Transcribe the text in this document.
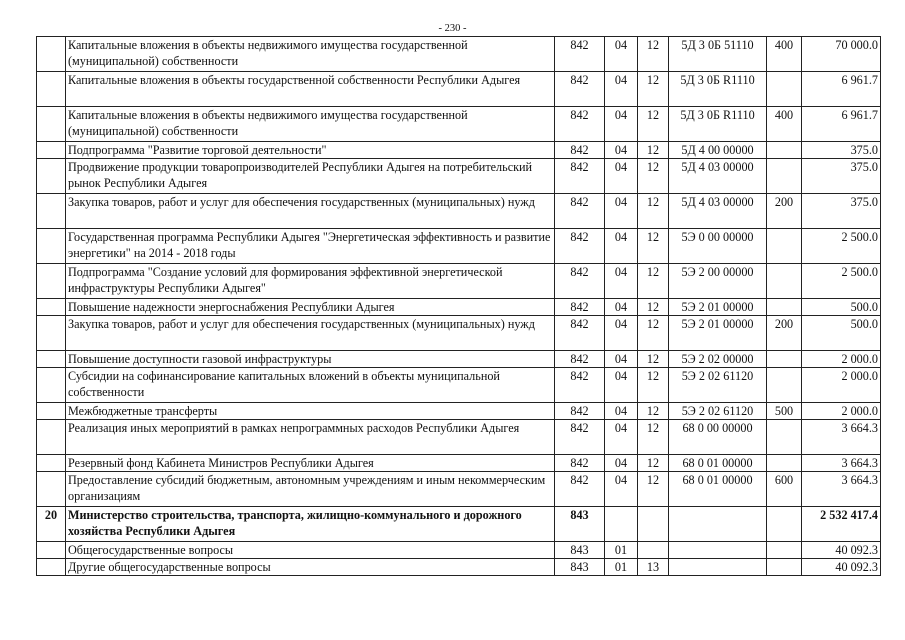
- 230 -
	Капитальные вложения в объекты недвижимого имущества государственной (муниципальной) собственности	842	04	12	5Д 3 0Б 51110	400	70 000.0
	Капитальные вложения в объекты государственной собственности Республики Адыгея	842	04	12	5Д 3 0Б R1110		6 961.7
	Капитальные вложения в объекты недвижимого имущества государственной (муниципальной) собственности	842	04	12	5Д 3 0Б R1110	400	6 961.7
	Подпрограмма "Развитие торговой деятельности"	842	04	12	5Д 4 00 00000		375.0
	Продвижение продукции товаропроизводителей Республики Адыгея на потребительский рынок Республики Адыгея	842	04	12	5Д 4 03 00000		375.0
	Закупка товаров, работ и услуг для обеспечения государственных (муниципальных) нужд	842	04	12	5Д 4 03 00000	200	375.0
	Государственная программа Республики Адыгея "Энергетическая эффективность и развитие энергетики" на 2014 - 2018 годы	842	04	12	5Э 0 00 00000		2 500.0
	Подпрограмма "Создание условий для формирования эффективной энергетической инфраструктуры Республики Адыгея"	842	04	12	5Э 2 00 00000		2 500.0
	Повышение надежности энергоснабжения Республики Адыгея	842	04	12	5Э 2 01 00000		500.0
	Закупка товаров, работ и услуг для обеспечения государственных (муниципальных) нужд	842	04	12	5Э 2 01 00000	200	500.0
	Повышение доступности газовой инфраструктуры	842	04	12	5Э 2 02 00000		2 000.0
	Субсидии на софинансирование капитальных вложений в объекты муниципальной собственности	842	04	12	5Э 2 02 61120		2 000.0
	Межбюджетные трансферты	842	04	12	5Э 2 02 61120	500	2 000.0
	Реализация иных мероприятий в рамках непрограммных расходов Республики Адыгея	842	04	12	68 0 00 00000		3 664.3
	Резервный фонд Кабинета Министров Республики Адыгея	842	04	12	68 0 01 00000		3 664.3
	Предоставление субсидий бюджетным, автономным учреждениям и иным некоммерческим организациям	842	04	12	68 0 01 00000	600	3 664.3
20	Министерство строительства, транспорта, жилищно-коммунального и дорожного хозяйства Республики Адыгея	843					2 532 417.4
	Общегосударственные вопросы	843	01				40 092.3
	Другие общегосударственные вопросы	843	01	13			40 092.3
